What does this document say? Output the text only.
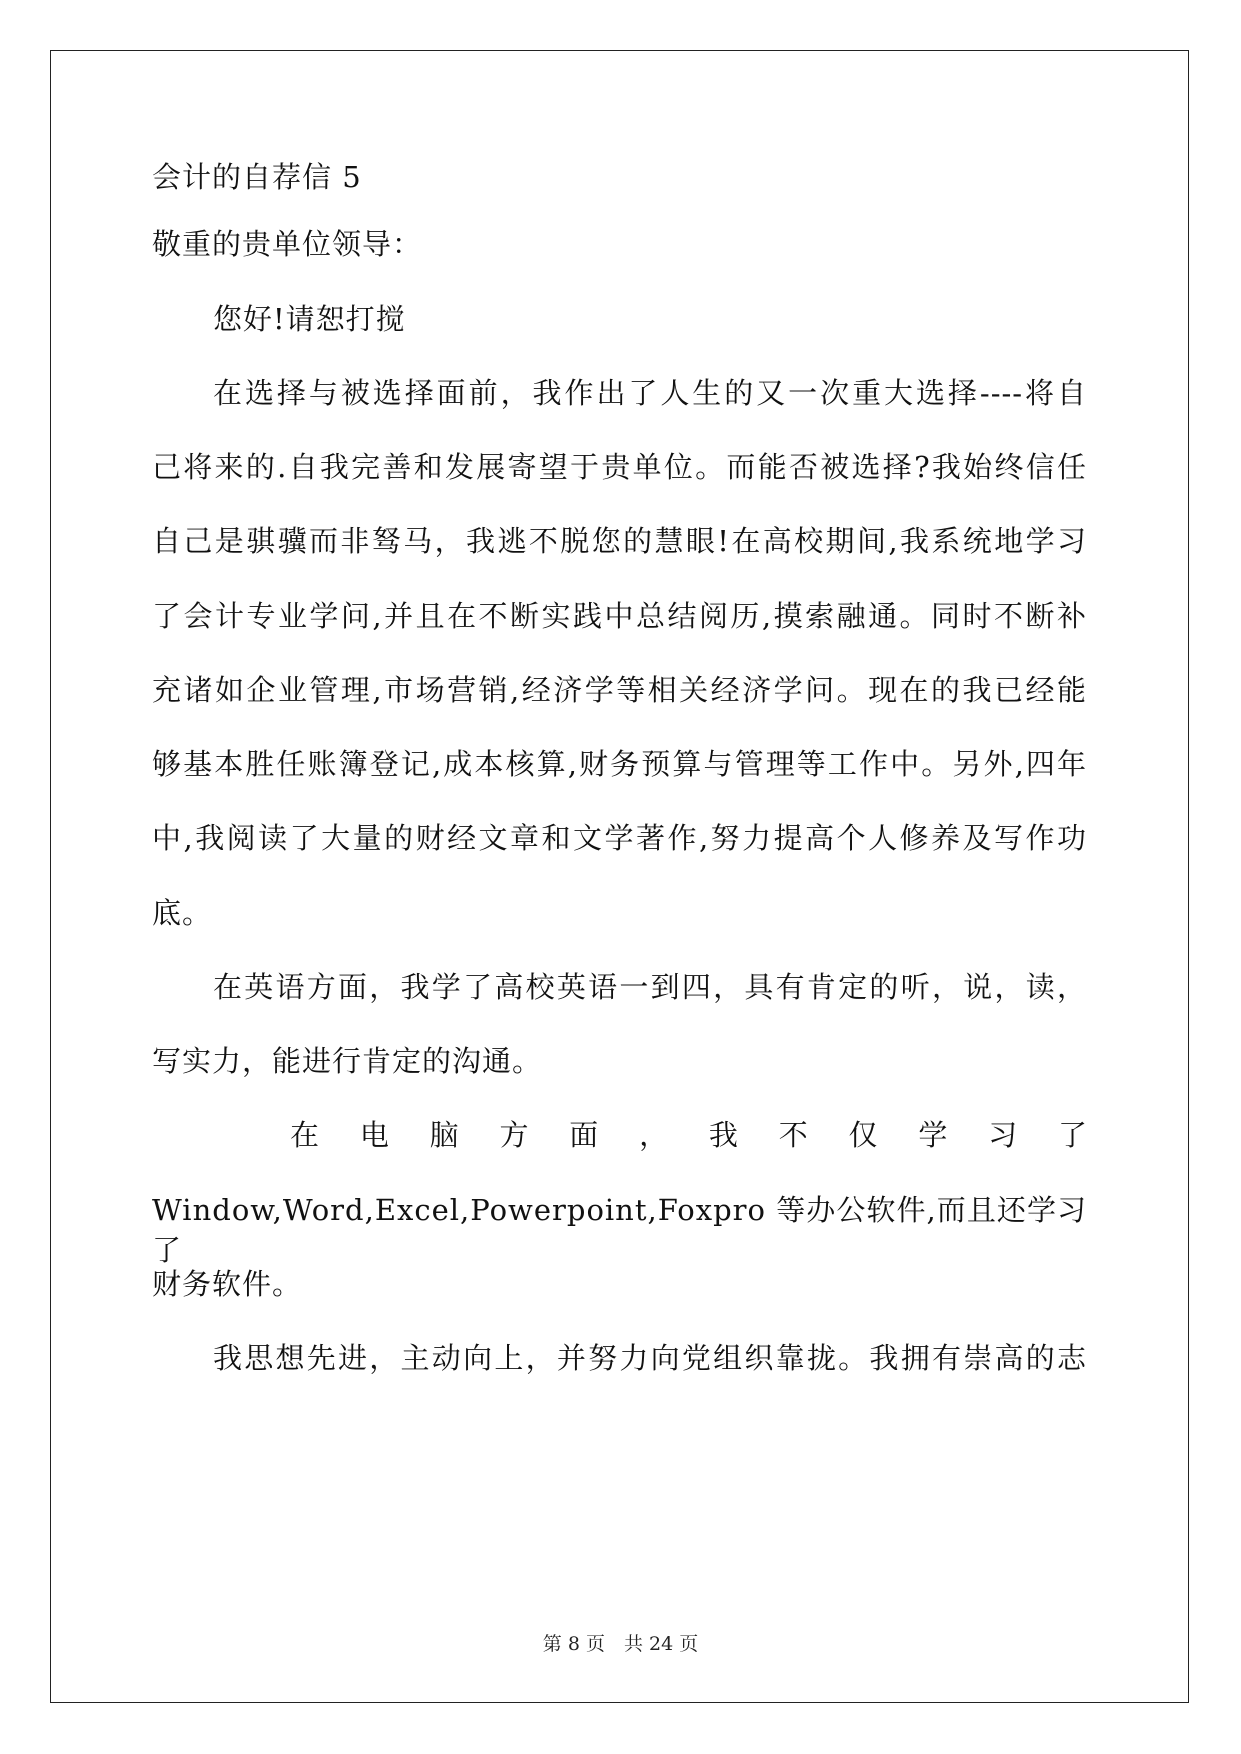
会计的自荐信 5
敬重的贵单位领导：
您好!请恕打搅
在选择与被选择面前，我作出了人生的又一次重大选择----将自
己将来的.自我完善和发展寄望于贵单位。而能否被选择?我始终信任
自己是骐骥而非驽马，我逃不脱您的慧眼!在高校期间,我系统地学习
了会计专业学问,并且在不断实践中总结阅历,摸索融通。同时不断补
充诸如企业管理,市场营销,经济学等相关经济学问。现在的我已经能
够基本胜任账簿登记,成本核算,财务预算与管理等工作中。另外,四年
中,我阅读了大量的财经文章和文学著作,努力提高个人修养及写作功
底。
在英语方面，我学了高校英语一到四，具有肯定的听，说，读，
写实力，能进行肯定的沟通。
在 电 脑 方 面 ， 我 不 仅 学 习 了
Window,Word,Excel,Powerpoint,Foxpro 等办公软件,而且还学习了
财务软件。
我思想先进，主动向上，并努力向党组织靠拢。我拥有崇高的志
第 8 页　共 24 页
